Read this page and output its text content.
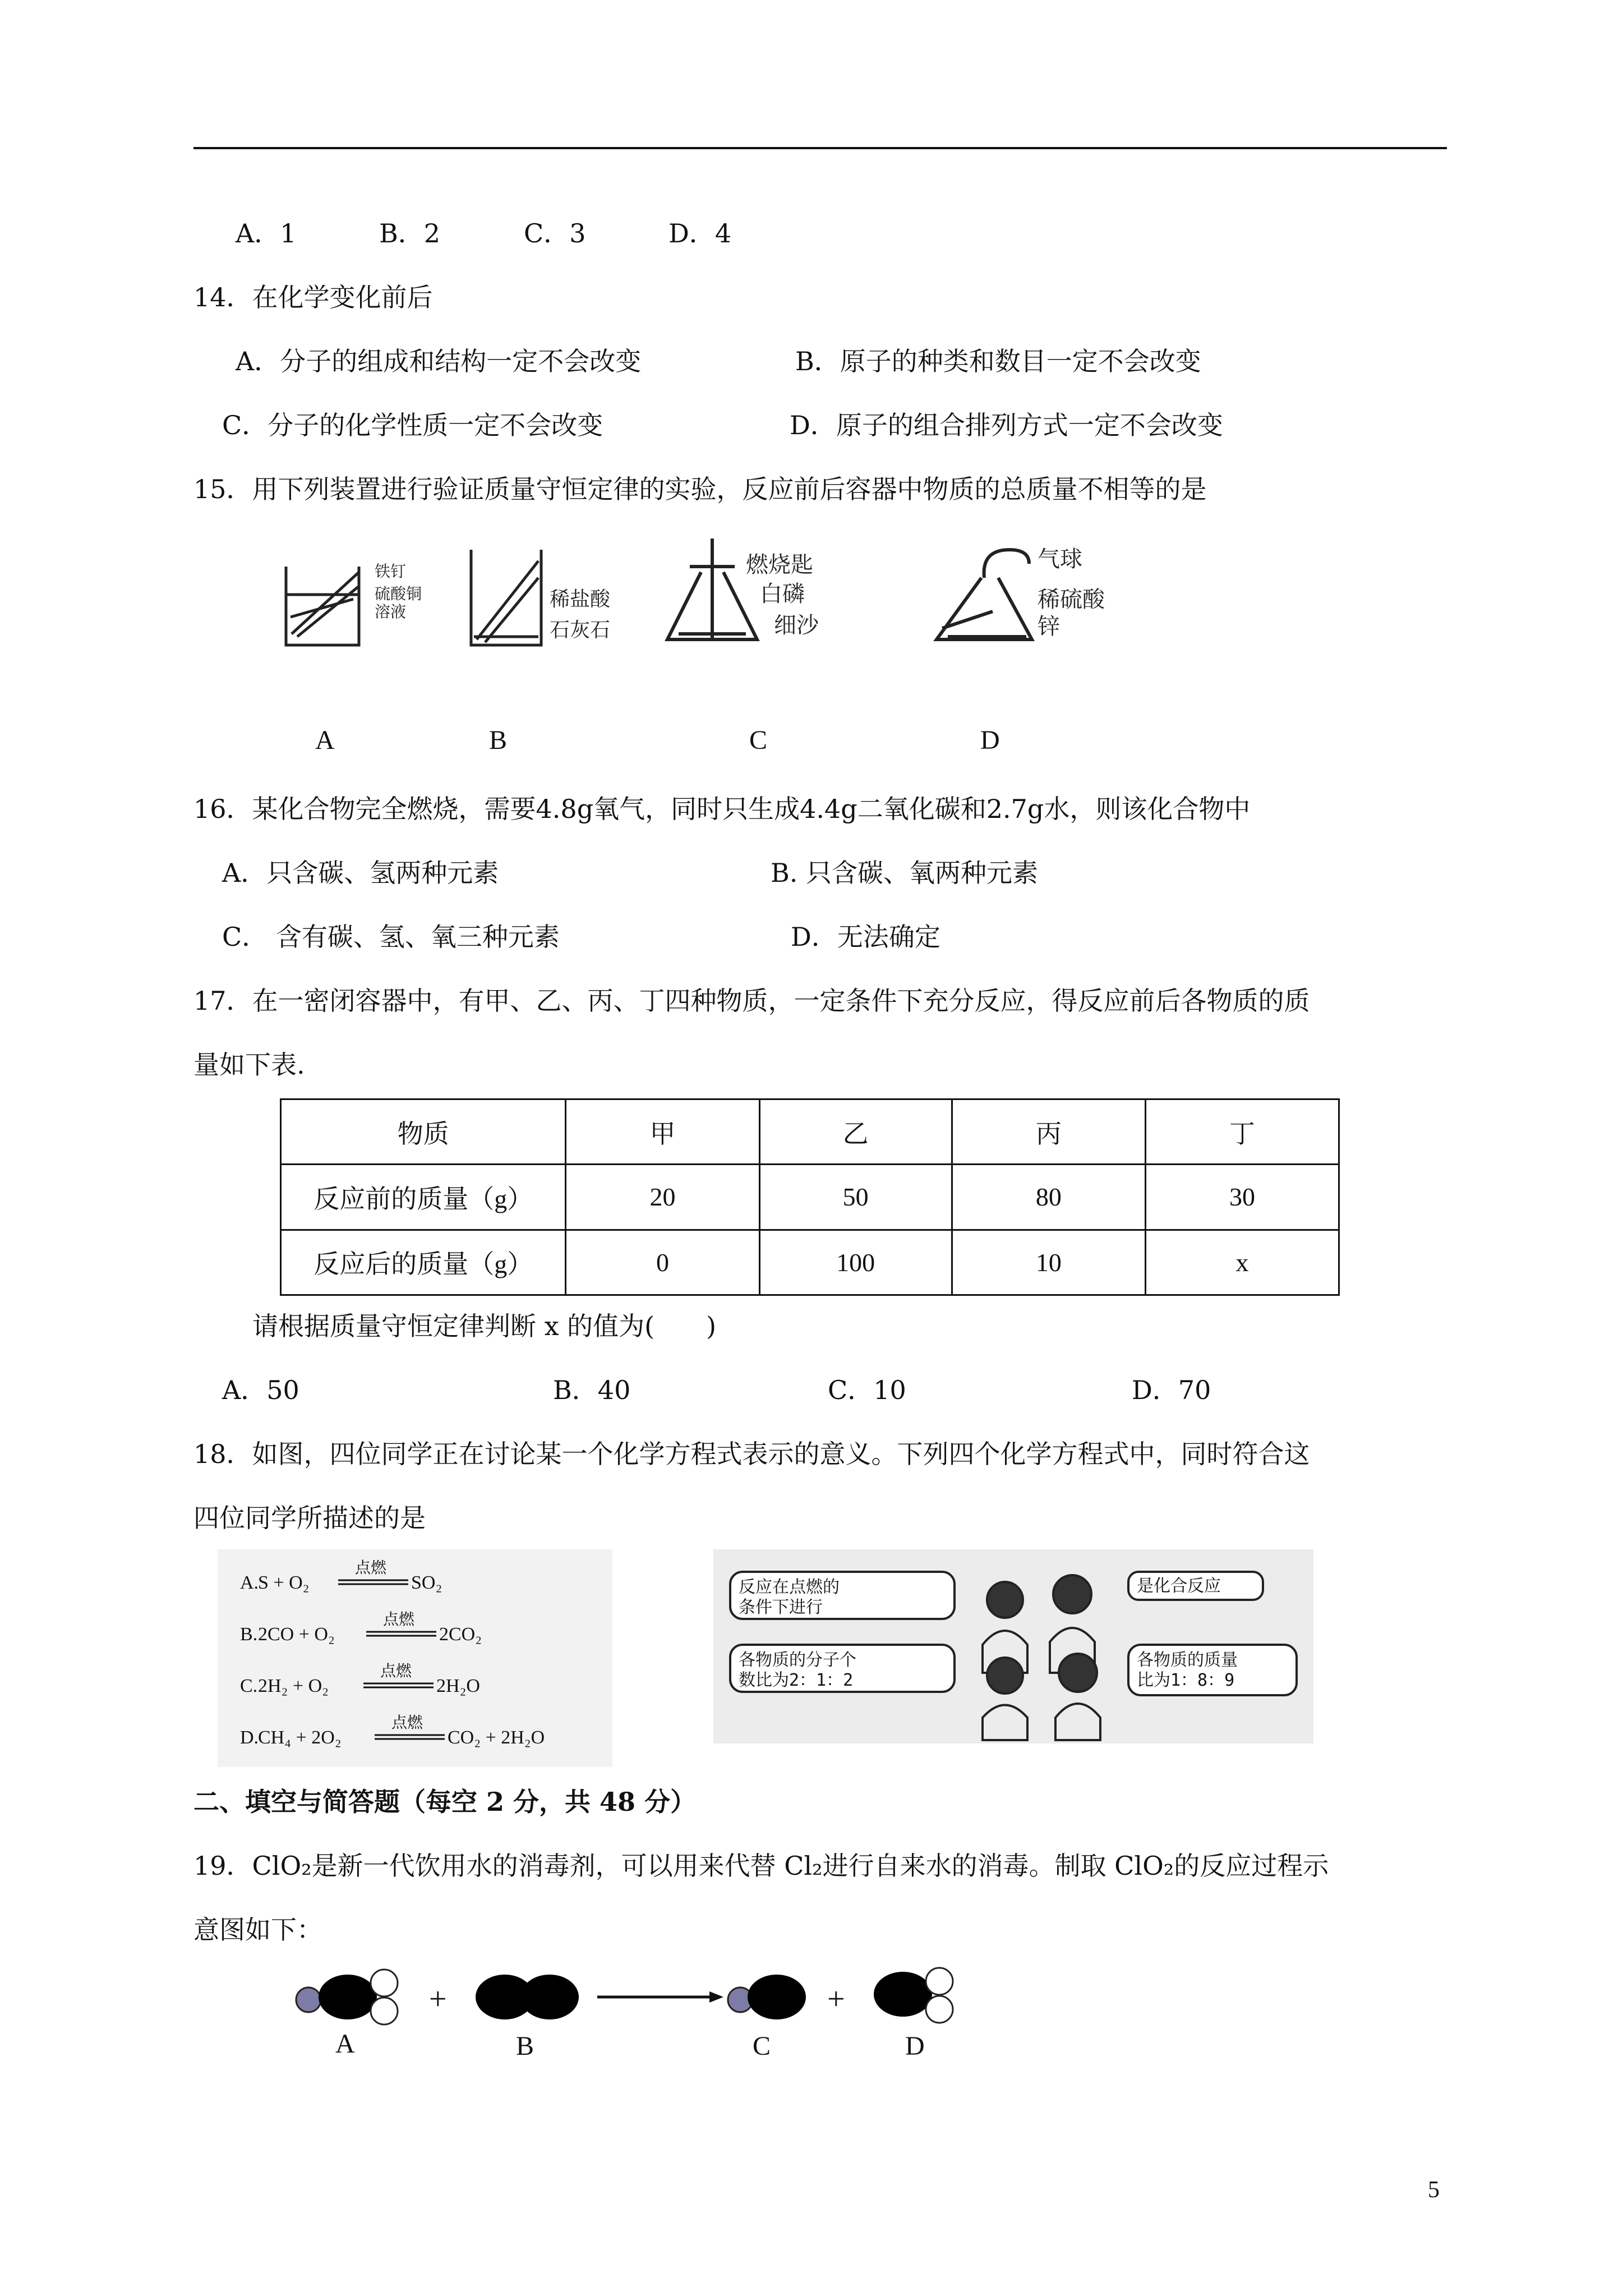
A．1	B．2	C．3	D．4
14．在化学变化前后
A．分子的组成和结构一定不会改变	B．原子的种类和数目一定不会改变
C．分子的化学性质一定不会改变	D．原子的组合排列方式一定不会改变
15．用下列装置进行验证质量守恒定律的实验，反应前后容器中物质的总质量不相等的是
铁钉
硫酸铜
溶液
稀盐酸
石灰石
燃烧匙
白磷
细沙
气球
稀硫酸
锌
A	B	C	D
16．某化合物完全燃烧，需要4.8g氧气，同时只生成4.4g二氧化碳和2.7g水，则该化合物中
A．只含碳、氢两种元素	B. 只含碳、氧两种元素
C． 含有碳、氢、氧三种元素	D．无法确定
17．在一密闭容器中，有甲、乙、丙、丁四种物质，一定条件下充分反应，得反应前后各物质的质
量如下表.
物质	甲	乙	丙	丁
反应前的质量（g）	20	50	80	30
反应后的质量（g）	0	100	10	x
请根据质量守恒定律判断 x 的值为(　　)
A．50	B．40	C．10	D．70
18．如图，四位同学正在讨论某一个化学方程式表示的意义。下列四个化学方程式中，同时符合这
四位同学所描述的是
A.
S + O₂
点燃
SO₂
B. 2CO + O₂
点燃
2CO₂
C. 2H₂ + O₂
点燃
2H₂O
D.
CH₄ + 2O₂
点燃
CO₂ + 2H₂O
反应在点燃的
条件下进行
是化合反应
各物质的分子个
数比为2：1：2
各物质的质量
比为1：8：9
二、填空与简答题（每空 2 分，共 48 分）
19．ClO₂是新一代饮用水的消毒剂，可以用来代替 Cl₂进行自来水的消毒。制取 ClO₂的反应过程示
意图如下：
+	+
A	B	C	D
5
